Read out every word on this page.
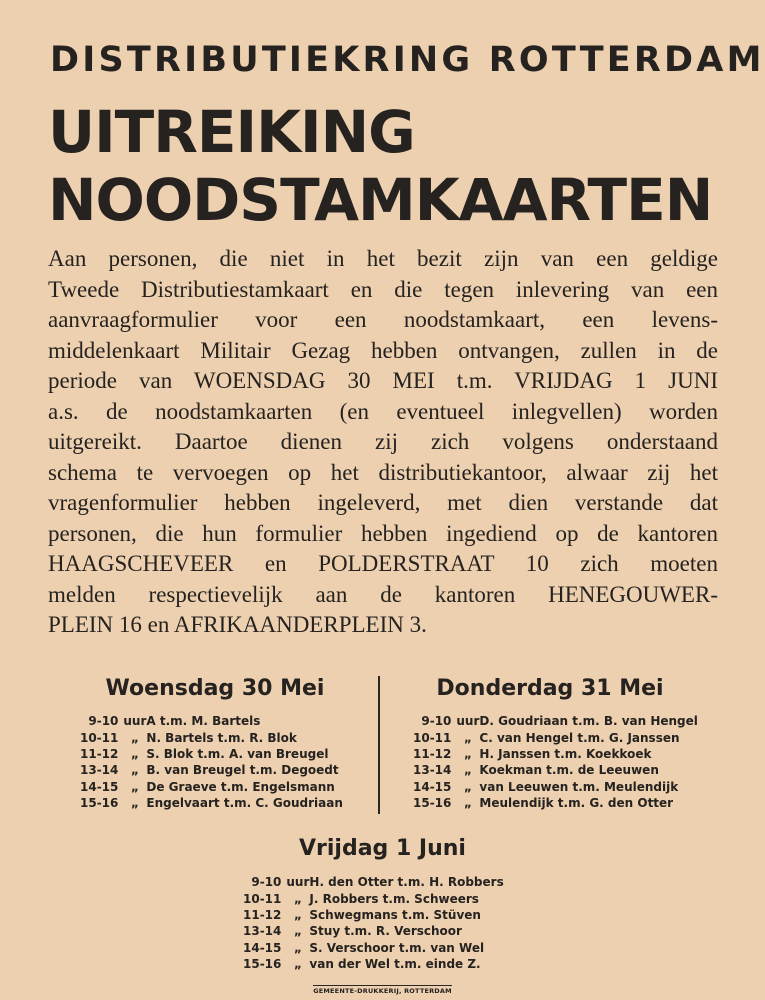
DISTRIBUTIEKRING ROTTERDAM
UITREIKING
NOODSTAMKAARTEN
Aan personen, die niet in het bezit zijn van een geldige
Tweede Distributiestamkaart en die tegen inlevering van een
aanvraagformulier voor een noodstamkaart, een levens-
middelenkaart Militair Gezag hebben ontvangen, zullen in de
periode van WOENSDAG 30 MEI t.m. VRIJDAG 1 JUNI
a.s. de noodstamkaarten (en eventueel inlegvellen) worden
uitgereikt. Daartoe dienen zij zich volgens onderstaand
schema te vervoegen op het distributiekantoor, alwaar zij het
vragenformulier hebben ingeleverd, met dien verstande dat
personen, die hun formulier hebben ingediend op de kantoren
HAAGSCHEVEER en POLDERSTRAAT 10 zich moeten
melden respectievelijk aan de kantoren HENEGOUWER-
PLEIN 16 en AFRIKAANDERPLEIN 3.
Woensdag 30 Mei
9-10	uur	A t.m. M. Bartels
10-11	„	N. Bartels t.m. R. Blok
11-12	„	S. Blok t.m. A. van Breugel
13-14	„	B. van Breugel t.m. Degoedt
14-15	„	De Graeve t.m. Engelsmann
15-16	„	Engelvaart t.m. C. Goudriaan
Donderdag 31 Mei
9-10	uur	D. Goudriaan t.m. B. van Hengel
10-11	„	C. van Hengel t.m. G. Janssen
11-12	„	H. Janssen t.m. Koekkoek
13-14	„	Koekman t.m. de Leeuwen
14-15	„	van Leeuwen t.m. Meulendijk
15-16	„	Meulendijk t.m. G. den Otter
Vrijdag 1 Juni
9-10	uur	H. den Otter t.m. H. Robbers
10-11	„	J. Robbers t.m. Schweers
11-12	„	Schwegmans t.m. Stüven
13-14	„	Stuy t.m. R. Verschoor
14-15	„	S. Verschoor t.m. van Wel
15-16	„	van der Wel t.m. einde Z.
GEMEENTE-DRUKKERIJ, ROTTERDAM
